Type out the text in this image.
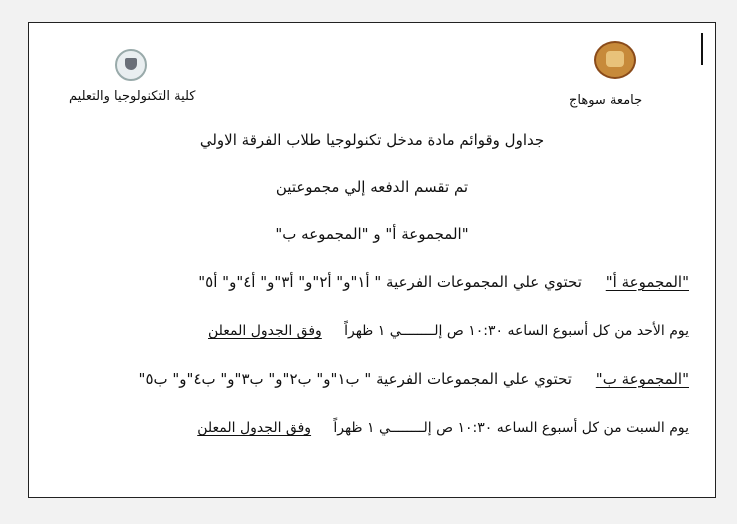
كلية التكنولوجيا والتعليم	جامعة سوهاج
جداول وقوائم مادة مدخل تكنولوجيا طلاب الفرقة الاولي
تم تقسم الدفعه إلي مجموعتين
"المجموعة أ" و "المجموعه ب"
"المجموعة أ"     تحتوي علي المجموعات الفرعية " أ١"و" أ٢"و" أ٣"و" أ٤"و" أ٥"
يوم الأحد من كل أسبوع الساعه ١٠:٣٠ ص إلــــــــي ١ ظهراً     وفق الجدول المعلن
"المجموعة ب"     تحتوي علي المجموعات الفرعية " ب١"و" ب٢"و" ب٣"و" ب٤"و" ب٥"
يوم السبت من كل أسبوع الساعه ١٠:٣٠ ص إلــــــــي ١ ظهراً     وفق الجدول المعلن
